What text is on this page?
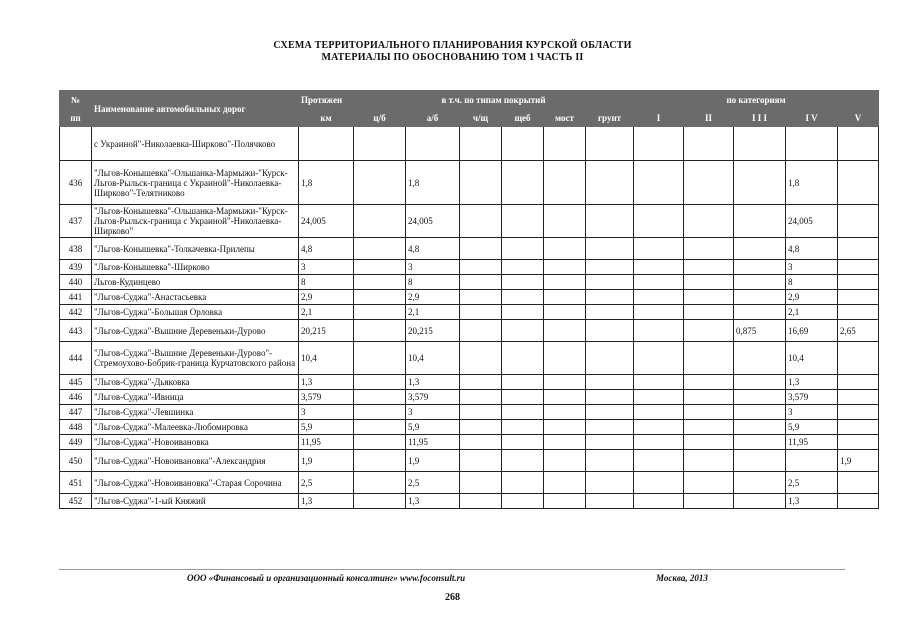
СХЕМА ТЕРРИТОРИАЛЬНОГО ПЛАНИРОВАНИЯ КУРСКОЙ ОБЛАСТИ
МАТЕРИАЛЫ ПО ОБОСНОВАНИЮ ТОМ 1 ЧАСТЬ II
№	Наименование автомобильных дорог	Протяжен	в т.ч. по типам покрытий						по категориям				
пп		км	ц/б	а/б	ч/щ	щеб	мост	грунт	I	II	I I I	I V	V
	с Украиной"-Николаевка-Ширково"-Полячково												
436	"Льгов-Конышевка"-Ольшанка-Мармыжи-"Курск-Льгов-Рыльск-граница с Украиной"-Николаевка-Ширково"-Телятниково	1,8		1,8								1,8	
437	"Льгов-Конышевка"-Ольшанка-Мармыжи-"Курск-Льгов-Рыльск-граница с Украиной"-Николаевка-Ширково"	24,005		24,005								24,005	
438	"Льгов-Конышевка"-Толкачевка-Прилепы	4,8		4,8								4,8	
439	"Льгов-Конышевка"-Ширково	3		3								3	
440	Льгов-Кудинцево	8		8								8	
441	"Льгов-Суджа"-Анастасьевка	2,9		2,9								2,9	
442	"Льгов-Суджа"-Большая Орловка	2,1		2,1								2,1	
443	"Льгов-Суджа"-Вышние Деревеньки-Дурово	20,215		20,215							0,875	16,69	2,65
444	"Льгов-Суджа"-Вышние Деревеньки-Дурово"-Стремоухово-Бобрик-граница Курчатовского района	10,4		10,4								10,4	
445	"Льгов-Суджа"-Дьяковка	1,3		1,3								1,3	
446	"Льгов-Суджа"-Ивница	3,579		3,579								3,579	
447	"Льгов-Суджа"-Левшинка	3		3								3	
448	"Льгов-Суджа"-Малеевка-Любомировка	5,9		5,9								5,9	
449	"Льгов-Суджа"-Новоивановка	11,95		11,95								11,95	
450	"Льгов-Суджа"-Новоивановка"-Александрия	1,9		1,9									1,9
451	"Льгов-Суджа"-Новоивановка"-Старая Сорочина	2,5		2,5								2,5	
452	"Льгов-Суджа"-1-ый Княжий	1,3		1,3								1,3	
ООО «Финансовый и организационный консалтинг» www.foconsult.ru	Москва, 2013
268
